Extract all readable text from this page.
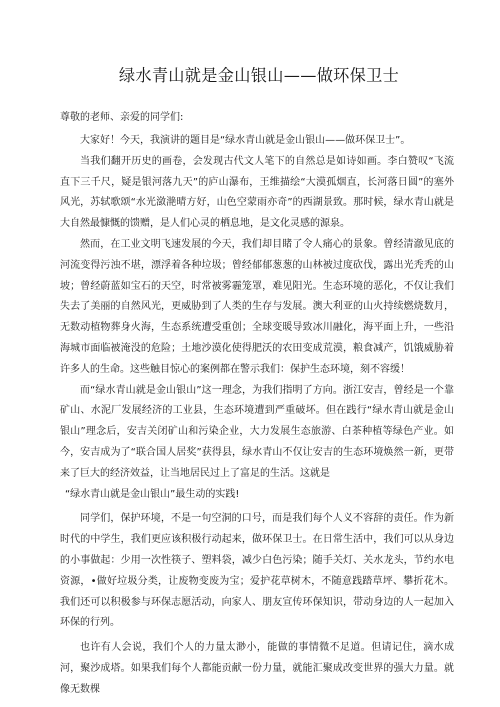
绿水青山就是金山银山——做环保卫士

尊敬的老师、亲爱的同学们:

大家好！今天，我演讲的题目是“绿水青山就是金山银山——做环保卫士”。

当我们翻开历史的画卷，会发现古代文人笔下的自然总是如诗如画。李白赞叹“飞流直下三千尺，疑是银河落九天”的庐山瀑布，王维描绘“大漠孤烟直，长河落日圆”的塞外风光，苏轼歌颂“水光潋滟晴方好，山色空蒙雨亦奇”的西湖景致。那时候，绿水青山就是大自然最慷慨的馈赠，是人们心灵的栖息地，是文化灵感的源泉。

然而，在工业文明飞速发展的今天，我们却目睹了令人痛心的景象。曾经清澈见底的河流变得污浊不堪，漂浮着各种垃圾；曾经郁郁葱葱的山林被过度砍伐，露出光秃秃的山坡；曾经蔚蓝如宝石的天空，时常被雾霾笼罩，难见阳光。生态环境的恶化，不仅让我们失去了美丽的自然风光，更威胁到了人类的生存与发展。澳大利亚的山火持续燃烧数月，无数动植物葬身火海，生态系统遭受重创；全球变暖导致冰川融化，海平面上升，一些沿海城市面临被淹没的危险；土地沙漠化使得肥沃的农田变成荒漠，粮食减产，饥饿威胁着许多人的生命。这些触目惊心的案例都在警示我们：保护生态环境，刻不容缓！

而“绿水青山就是金山银山”这一理念，为我们指明了方向。浙江安吉，曾经是一个靠矿山、水泥厂发展经济的工业县，生态环境遭到严重破坏。但在践行“绿水青山就是金山银山”理念后，安吉关闭矿山和污染企业，大力发展生态旅游、白茶种植等绿色产业。如今，安吉成为了“联合国人居奖”获得县，绿水青山不仅让安吉的生态环境焕然一新，更带来了巨大的经济效益，让当地居民过上了富足的生活。这就是

“绿水青山就是金山银山”最生动的实践!

同学们，保护环境，不是一句空洞的口号，而是我们每个人义不容辞的责任。作为新时代的中学生，我们更应该积极行动起来，做环保卫士。在日常生活中，我们可以从身边的小事做起：少用一次性筷子、塑料袋，减少白色污染；随手关灯、关水龙头，节约水电资源，•做好垃圾分类，让废物变废为宝；爱护花草树木，不随意践踏草坪、攀折花木。我们还可以积极参与环保志愿活动，向家人、朋友宣传环保知识，带动身边的人一起加入环保的行列。

也许有人会说，我们个人的力量太渺小，能做的事情微不足道。但请记住，滴水成河，聚沙成塔。如果我们每个人都能贡献一份力量，就能汇聚成改变世界的强大力量。就像无数棵
